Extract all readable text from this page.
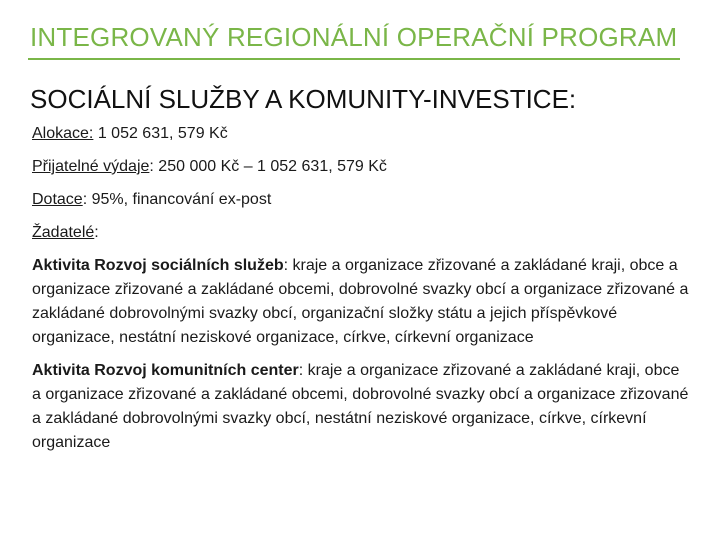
INTEGROVANÝ REGIONÁLNÍ OPERAČNÍ PROGRAM
SOCIÁLNÍ SLUŽBY A KOMUNITY-INVESTICE:
Alokace: 1 052 631, 579 Kč
Přijatelné výdaje: 250 000 Kč – 1 052 631, 579 Kč
Dotace: 95%, financování ex-post
Žadatelé:
Aktivita Rozvoj sociálních služeb: kraje a organizace zřizované a zakládané kraji, obce a organizace zřizované a zakládané obcemi, dobrovolné svazky obcí a organizace zřizované a zakládané dobrovolnými svazky obcí, organizační složky státu a jejich příspěvkové organizace, nestátní neziskové organizace, církve, církevní organizace
Aktivita Rozvoj komunitních center: kraje a organizace zřizované a zakládané kraji, obce a organizace zřizované a zakládané obcemi, dobrovolné svazky obcí a organizace zřizované a zakládané dobrovolnými svazky obcí, nestátní neziskové organizace, církve, církevní organizace
